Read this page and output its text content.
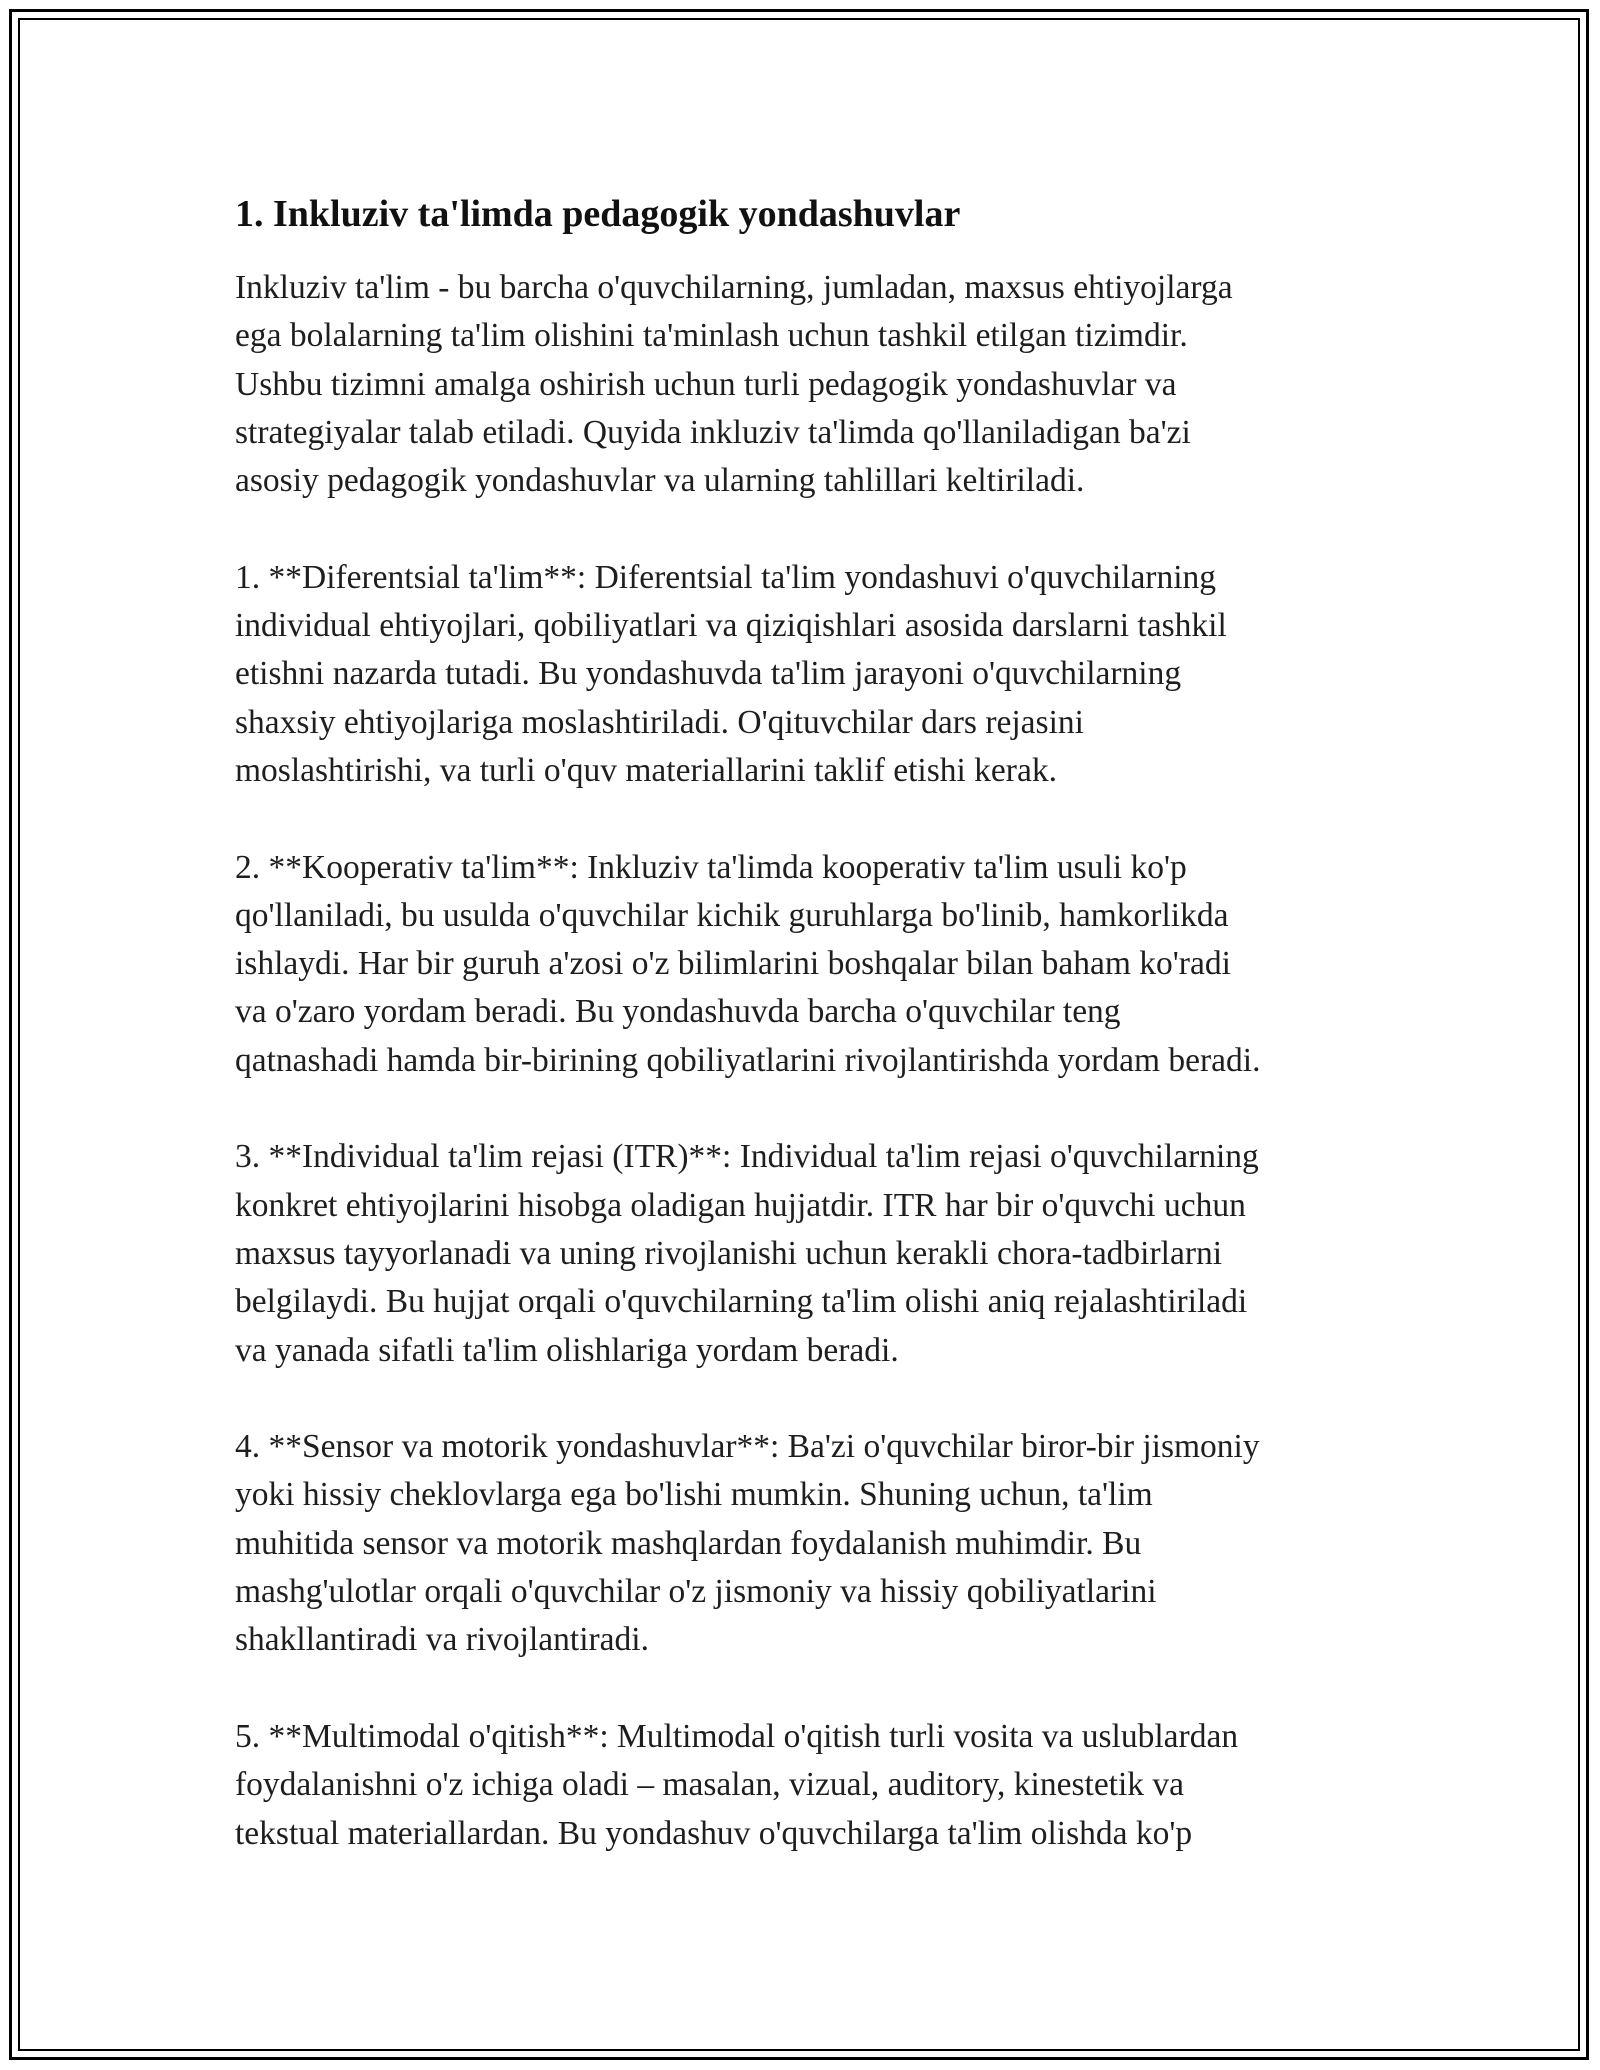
1. Inkluziv ta'limda pedagogik yondashuvlar

Inkluziv ta'lim - bu barcha o'quvchilarning, jumladan, maxsus ehtiyojlarga
ega bolalarning ta'lim olishini ta'minlash uchun tashkil etilgan tizimdir.
Ushbu tizimni amalga oshirish uchun turli pedagogik yondashuvlar va
strategiyalar talab etiladi. Quyida inkluziv ta'limda qo'llaniladigan ba'zi
asosiy pedagogik yondashuvlar va ularning tahlillari keltiriladi.

1. **Diferentsial ta'lim**: Diferentsial ta'lim yondashuvi o'quvchilarning
individual ehtiyojlari, qobiliyatlari va qiziqishlari asosida darslarni tashkil
etishni nazarda tutadi. Bu yondashuvda ta'lim jarayoni o'quvchilarning
shaxsiy ehtiyojlariga moslashtiriladi. O'qituvchilar dars rejasini
moslashtirishi, va turli o'quv materiallarini taklif etishi kerak.

2. **Kooperativ ta'lim**: Inkluziv ta'limda kooperativ ta'lim usuli ko'p
qo'llaniladi, bu usulda o'quvchilar kichik guruhlarga bo'linib, hamkorlikda
ishlaydi. Har bir guruh a'zosi o'z bilimlarini boshqalar bilan baham ko'radi
va o'zaro yordam beradi. Bu yondashuvda barcha o'quvchilar teng
qatnashadi hamda bir-birining qobiliyatlarini rivojlantirishda yordam beradi.

3. **Individual ta'lim rejasi (ITR)**: Individual ta'lim rejasi o'quvchilarning
konkret ehtiyojlarini hisobga oladigan hujjatdir. ITR har bir o'quvchi uchun
maxsus tayyorlanadi va uning rivojlanishi uchun kerakli chora-tadbirlarni
belgilaydi. Bu hujjat orqali o'quvchilarning ta'lim olishi aniq rejalashtiriladi
va yanada sifatli ta'lim olishlariga yordam beradi.

4. **Sensor va motorik yondashuvlar**: Ba'zi o'quvchilar biror-bir jismoniy
yoki hissiy cheklovlarga ega bo'lishi mumkin. Shuning uchun, ta'lim
muhitida sensor va motorik mashqlardan foydalanish muhimdir. Bu
mashg'ulotlar orqali o'quvchilar o'z jismoniy va hissiy qobiliyatlarini
shakllantiradi va rivojlantiradi.

5. **Multimodal o'qitish**: Multimodal o'qitish turli vosita va uslublardan
foydalanishni o'z ichiga oladi – masalan, vizual, auditory, kinestetik va
tekstual materiallardan. Bu yondashuv o'quvchilarga ta'lim olishda ko'p
